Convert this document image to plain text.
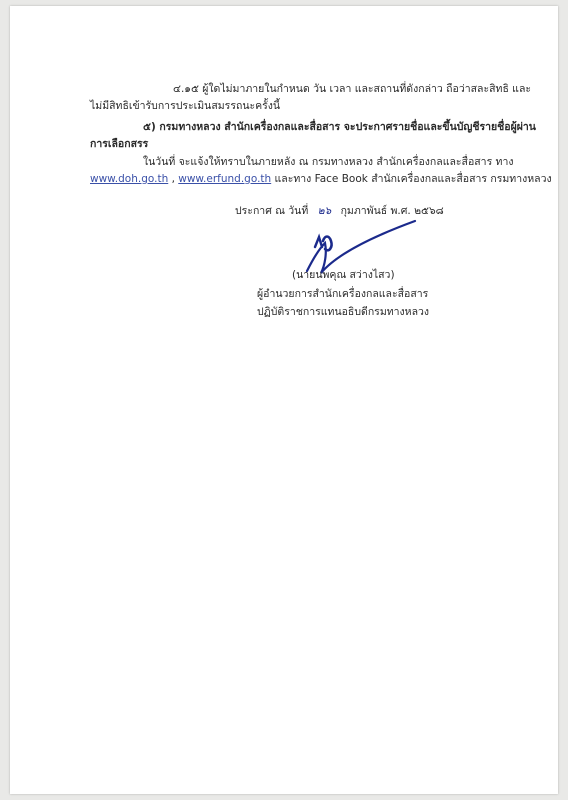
๔.๑๕ ผู้ใดไม่มาภายในกำหนด วัน เวลา และสถานที่ดังกล่าว ถือว่าสละสิทธิ และ
ไม่มีสิทธิเข้ารับการประเมินสมรรถนะครั้งนี้
๕) กรมทางหลวง สำนักเครื่องกลและสื่อสาร จะประกาศรายชื่อและขึ้นบัญชีรายชื่อผู้ผ่าน
การเลือกสรร
ในวันที่ จะแจ้งให้ทราบในภายหลัง ณ กรมทางหลวง สำนักเครื่องกลและสื่อสาร ทาง
www.doh.go.th , www.erfund.go.th และทาง Face Book สำนักเครื่องกลและสื่อสาร กรมทางหลวง
ประกาศ ณ วันที่ ๒๖ กุมภาพันธ์ พ.ศ. ๒๕๖๘
(นายนพคุณ สว่างไสว)
ผู้อำนวยการสำนักเครื่องกลและสื่อสาร
ปฏิบัติราชการแทนอธิบดีกรมทางหลวง
